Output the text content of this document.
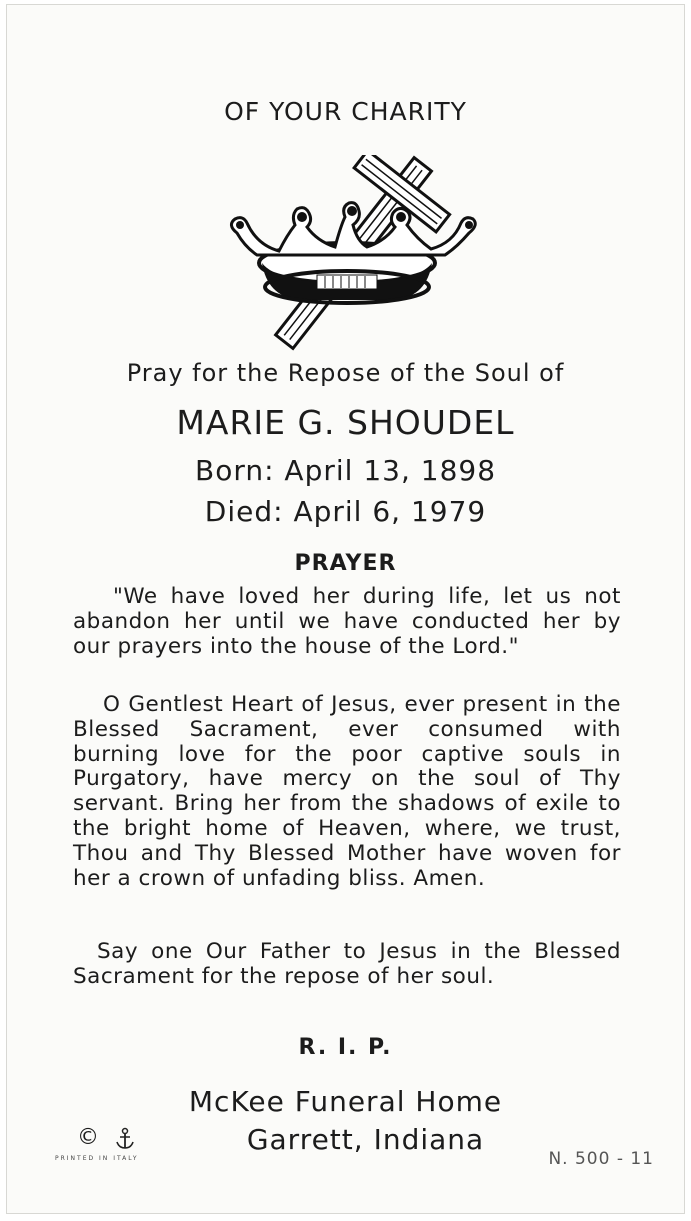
OF YOUR CHARITY
Pray for the Repose of the Soul of
MARIE G. SHOUDEL
Born: April 13, 1898
Died: April 6, 1979
PRAYER

"We have loved her during life, let us not abandon her until we have conducted her by our prayers into the house of the Lord."

O Gentlest Heart of Jesus, ever present in the Blessed Sacrament, ever consumed with burning love for the poor captive souls in Purgatory, have mercy on the soul of Thy servant. Bring her from the shadows of exile to the bright home of Heaven, where, we trust, Thou and Thy Blessed Mother have woven for her a crown of unfading bliss. Amen.

Say one Our Father to Jesus in the Blessed Sacrament for the repose of her soul.

R. I. P.
McKee Funeral Home
Garrett, Indiana
©
PRINTED IN ITALY	N. 500 - 11
